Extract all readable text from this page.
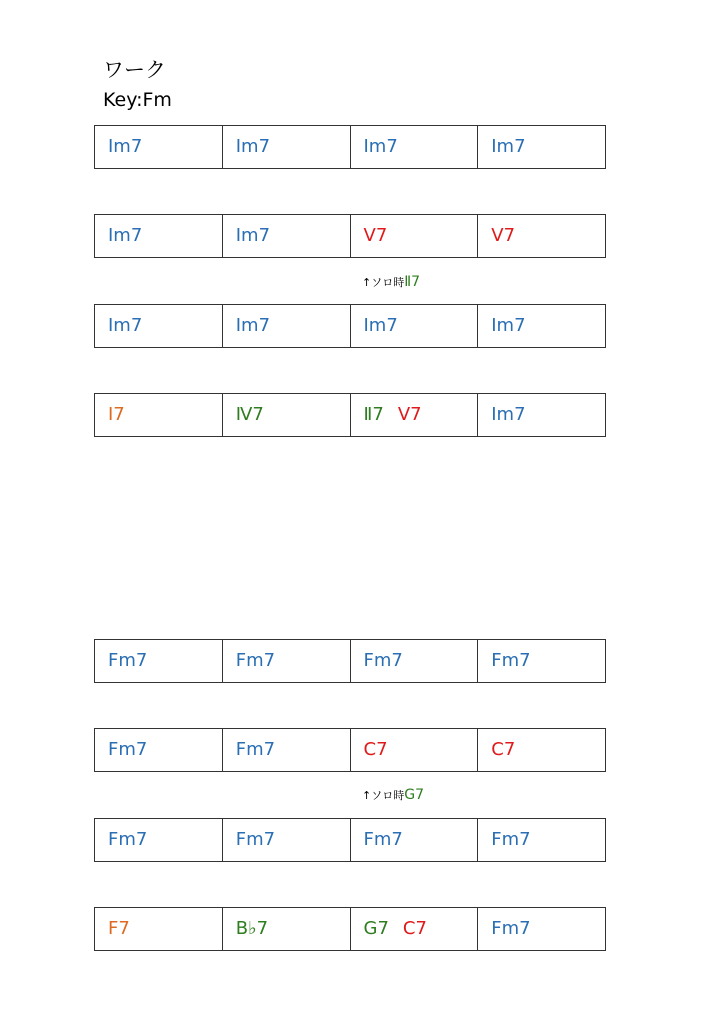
ワーク
Key:Fm
Ⅰm7	Ⅰm7	Ⅰm7	Ⅰm7
Ⅰm7	Ⅰm7	Ⅴ7	Ⅴ7
↑ソロ時Ⅱ7
Ⅰm7	Ⅰm7	Ⅰm7	Ⅰm7
Ⅰ7	Ⅳ7	Ⅱ7 Ⅴ7	Ⅰm7
Fm7	Fm7	Fm7	Fm7
Fm7	Fm7	C7	C7
↑ソロ時G7
Fm7	Fm7	Fm7	Fm7
F7	B♭7	G7 C7	Fm7
